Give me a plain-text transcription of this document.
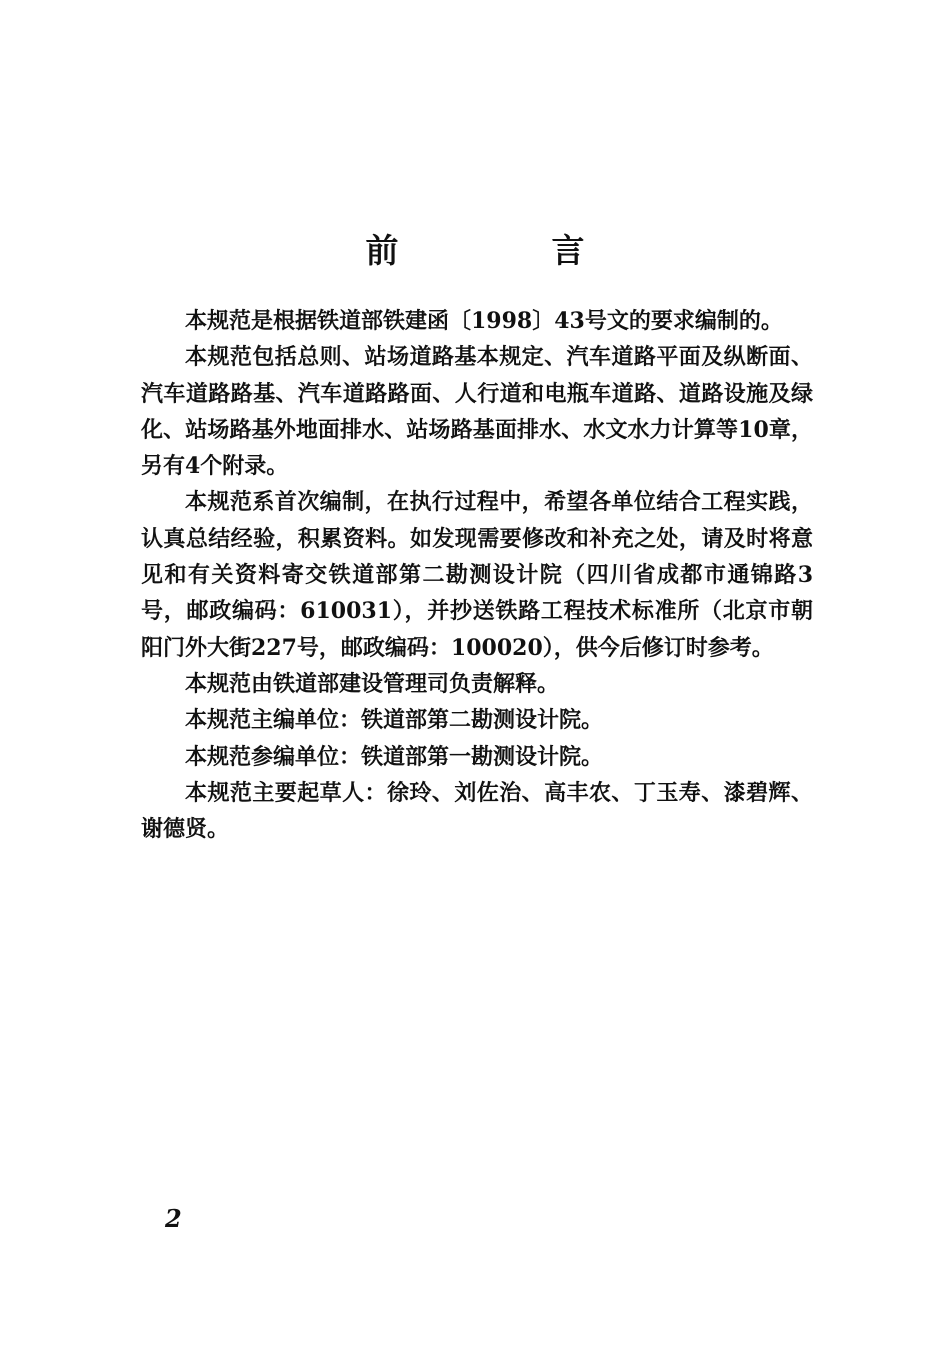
前　言

本规范是根据铁道部铁建函〔1998〕43号文的要求编制的。

本规范包括总则、站场道路基本规定、汽车道路平面及纵断面、汽车道路路基、汽车道路路面、人行道和电瓶车道路、道路设施及绿化、站场路基外地面排水、站场路基面排水、水文水力计算等10章，另有4个附录。

本规范系首次编制，在执行过程中，希望各单位结合工程实践，认真总结经验，积累资料。如发现需要修改和补充之处，请及时将意见和有关资料寄交铁道部第二勘测设计院（四川省成都市通锦路3号，邮政编码：610031），并抄送铁路工程技术标准所（北京市朝阳门外大街227号，邮政编码：100020），供今后修订时参考。

本规范由铁道部建设管理司负责解释。

本规范主编单位：铁道部第二勘测设计院。

本规范参编单位：铁道部第一勘测设计院。

本规范主要起草人：徐玲、刘佐治、高丰农、丁玉寿、漆碧辉、谢德贤。

2
